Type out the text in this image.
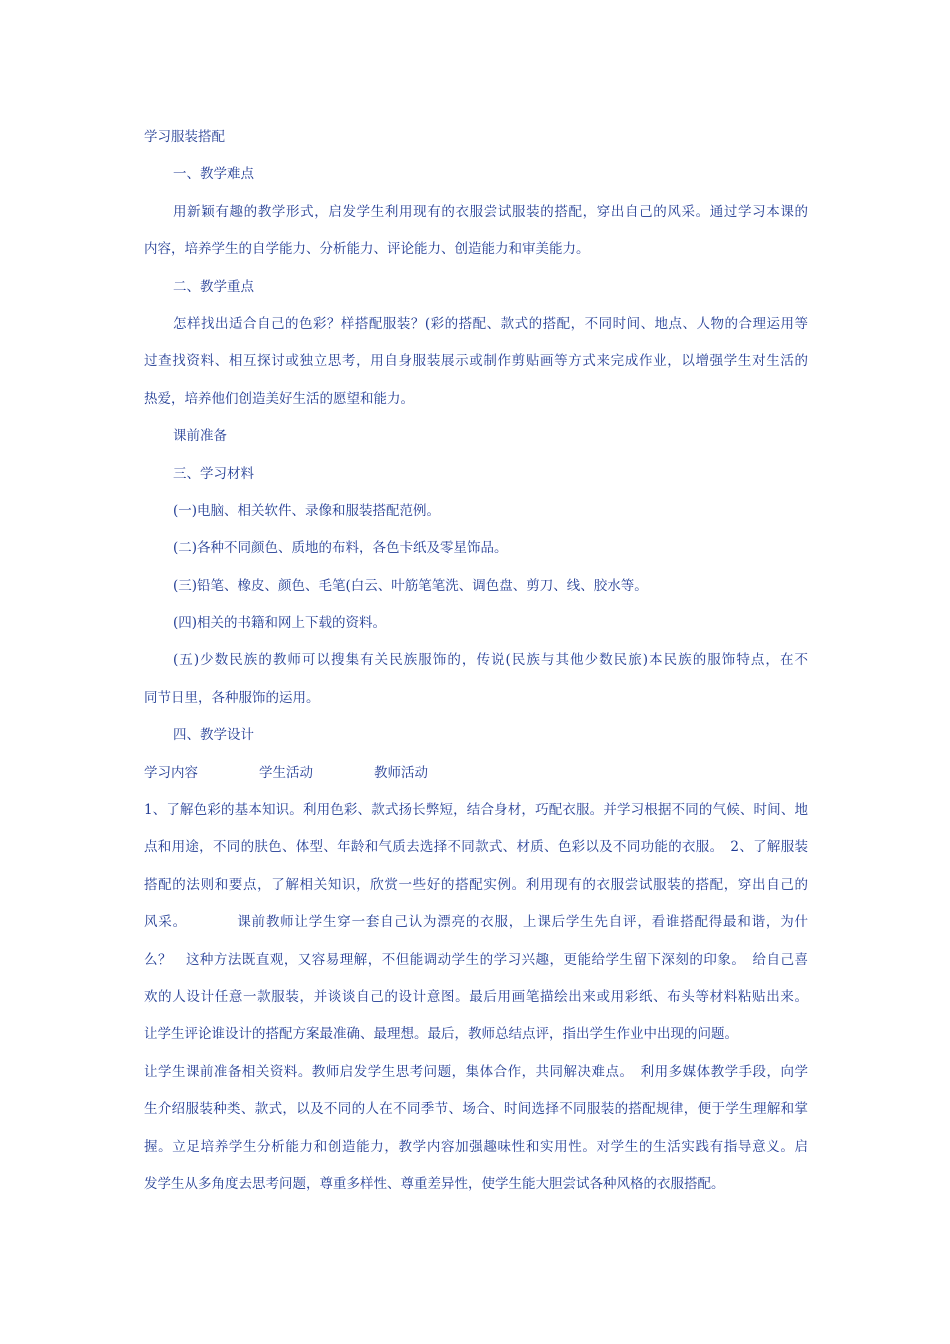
学习服装搭配
一、教学难点
用新颖有趣的教学形式，启发学生利用现有的衣服尝试服装的搭配，穿出自己的风采。通过学习本课的
内容，培养学生的自学能力、分析能力、评论能力、创造能力和审美能力。
二、教学重点
怎样找出适合自己的色彩？样搭配服装？(彩的搭配、款式的搭配，不同时间、地点、人物的合理运用等
过查找资料、相互探讨或独立思考，用自身服装展示或制作剪贴画等方式来完成作业，以增强学生对生活的
热爱，培养他们创造美好生活的愿望和能力。
课前准备
三、学习材料
(一)电脑、相关软件、录像和服装搭配范例。
(二)各种不同颜色、质地的布料，各色卡纸及零星饰品。
(三)铅笔、橡皮、颜色、毛笔(白云、叶筋笔笔洗、调色盘、剪刀、线、胶水等。
(四)相关的书籍和网上下载的资料。
(五)少数民族的教师可以搜集有关民族服饰的，传说(民族与其他少数民旅)本民族的服饰特点，在不
同节日里，各种服饰的运用。
四、教学设计
学习内容	学生活动	教师活动
1、了解色彩的基本知识。利用色彩、款式扬长弊短，结合身材，巧配衣服。并学习根据不同的气候、时间、地
点和用途，不同的肤色、体型、年龄和气质去选择不同款式、材质、色彩以及不同功能的衣服。　2、了解服装
搭配的法则和要点，了解相关知识，欣赏一些好的搭配实例。利用现有的衣服尝试服装的搭配，穿出自己的
风采。　　　　课前教师让学生穿一套自己认为漂亮的衣服，上课后学生先自评，看谁搭配得最和谐，为什
么？　这种方法既直观，又容易理解，不但能调动学生的学习兴趣，更能给学生留下深刻的印象。　给自己喜
欢的人设计任意一款服装，并谈谈自己的设计意图。最后用画笔描绘出来或用彩纸、布头等材料粘贴出来。
让学生评论谁设计的搭配方案最准确、最理想。最后，教师总结点评，指出学生作业中出现的问题。
让学生课前准备相关资料。教师启发学生思考问题，集体合作，共同解决难点。　利用多媒体教学手段，向学
生介绍服装种类、款式，以及不同的人在不同季节、场合、时间选择不同服装的搭配规律，便于学生理解和掌
握。立足培养学生分析能力和创造能力，教学内容加强趣味性和实用性。对学生的生活实践有指导意义。启
发学生从多角度去思考问题，尊重多样性、尊重差异性，使学生能大胆尝试各种风格的衣服搭配。
